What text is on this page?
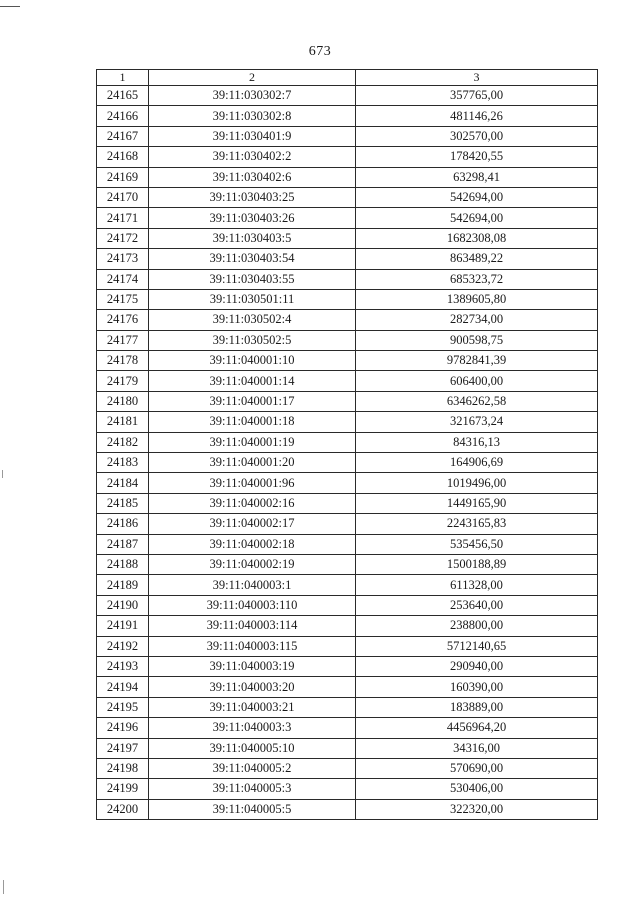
673
1	2	3
24165	39:11:030302:7	357765,00
24166	39:11:030302:8	481146,26
24167	39:11:030401:9	302570,00
24168	39:11:030402:2	178420,55
24169	39:11:030402:6	63298,41
24170	39:11:030403:25	542694,00
24171	39:11:030403:26	542694,00
24172	39:11:030403:5	1682308,08
24173	39:11:030403:54	863489,22
24174	39:11:030403:55	685323,72
24175	39:11:030501:11	1389605,80
24176	39:11:030502:4	282734,00
24177	39:11:030502:5	900598,75
24178	39:11:040001:10	9782841,39
24179	39:11:040001:14	606400,00
24180	39:11:040001:17	6346262,58
24181	39:11:040001:18	321673,24
24182	39:11:040001:19	84316,13
24183	39:11:040001:20	164906,69
24184	39:11:040001:96	1019496,00
24185	39:11:040002:16	1449165,90
24186	39:11:040002:17	2243165,83
24187	39:11:040002:18	535456,50
24188	39:11:040002:19	1500188,89
24189	39:11:040003:1	611328,00
24190	39:11:040003:110	253640,00
24191	39:11:040003:114	238800,00
24192	39:11:040003:115	5712140,65
24193	39:11:040003:19	290940,00
24194	39:11:040003:20	160390,00
24195	39:11:040003:21	183889,00
24196	39:11:040003:3	4456964,20
24197	39:11:040005:10	34316,00
24198	39:11:040005:2	570690,00
24199	39:11:040005:3	530406,00
24200	39:11:040005:5	322320,00
